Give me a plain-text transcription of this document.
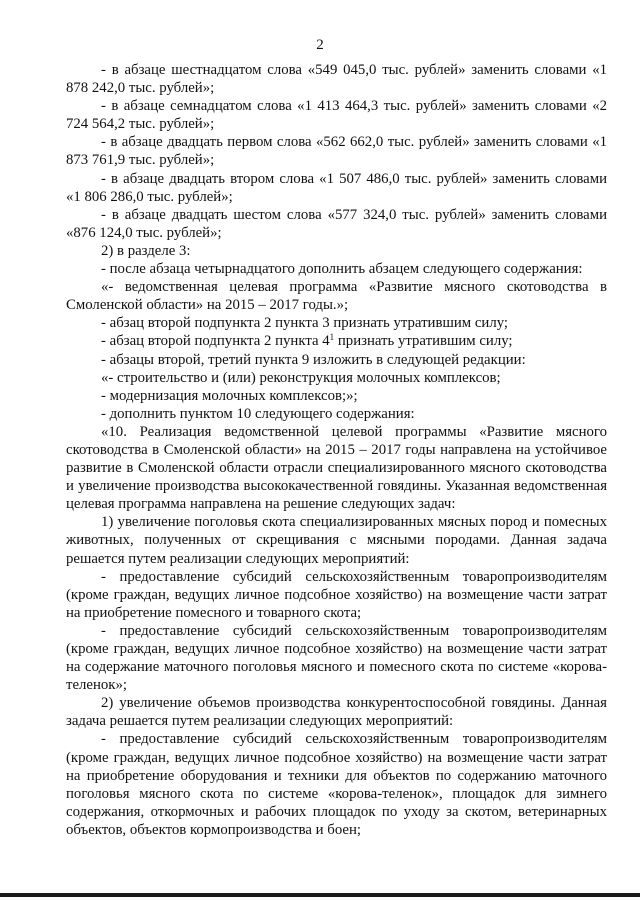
2

- в абзаце шестнадцатом слова «549 045,0 тыс. рублей» заменить словами «1 878 242,0 тыс. рублей»;

- в абзаце семнадцатом слова «1 413 464,3 тыс. рублей» заменить словами «2 724 564,2 тыс. рублей»;

- в абзаце двадцать первом слова «562 662,0 тыс. рублей» заменить словами «1 873 761,9 тыс. рублей»;

- в абзаце двадцать втором слова «1 507 486,0 тыс. рублей» заменить словами «1 806 286,0 тыс. рублей»;

- в абзаце двадцать шестом слова «577 324,0 тыс. рублей» заменить словами «876 124,0 тыс. рублей»;

2) в разделе 3:

- после абзаца четырнадцатого дополнить абзацем следующего содержания:

«- ведомственная целевая программа «Развитие мясного скотоводства в Смоленской области» на 2015 – 2017 годы.»;

- абзац второй подпункта 2 пункта 3 признать утратившим силу;

- абзац второй подпункта 2 пункта $4^1$ признать утратившим силу;

- абзацы второй, третий пункта 9 изложить в следующей редакции:

«- строительство и (или) реконструкция молочных комплексов;

- модернизация молочных комплексов;»;

- дополнить пунктом 10 следующего содержания:

«10. Реализация ведомственной целевой программы «Развитие мясного скотоводства в Смоленской области» на 2015 – 2017 годы направлена на устойчивое развитие в Смоленской области отрасли специализированного мясного скотоводства и увеличение производства высококачественной говядины. Указанная ведомственная целевая программа направлена на решение следующих задач:

1) увеличение поголовья скота специализированных мясных пород и помесных животных, полученных от скрещивания с мясными породами. Данная задача решается путем реализации следующих мероприятий:

- предоставление субсидий сельскохозяйственным товаропроизводителям (кроме граждан, ведущих личное подсобное хозяйство) на возмещение части затрат на приобретение помесного и товарного скота;

- предоставление субсидий сельскохозяйственным товаропроизводителям (кроме граждан, ведущих личное подсобное хозяйство) на возмещение части затрат на содержание маточного поголовья мясного и помесного скота по системе «корова-теленок»;

2) увеличение объемов производства конкурентоспособной говядины. Данная задача решается путем реализации следующих мероприятий:

- предоставление субсидий сельскохозяйственным товаропроизводителям (кроме граждан, ведущих личное подсобное хозяйство) на возмещение части затрат на приобретение оборудования и техники для объектов по содержанию маточного поголовья мясного скота по системе «корова-теленок», площадок для зимнего содержания, откормочных и рабочих площадок по уходу за скотом, ветеринарных объектов, объектов кормопроизводства и боен;
